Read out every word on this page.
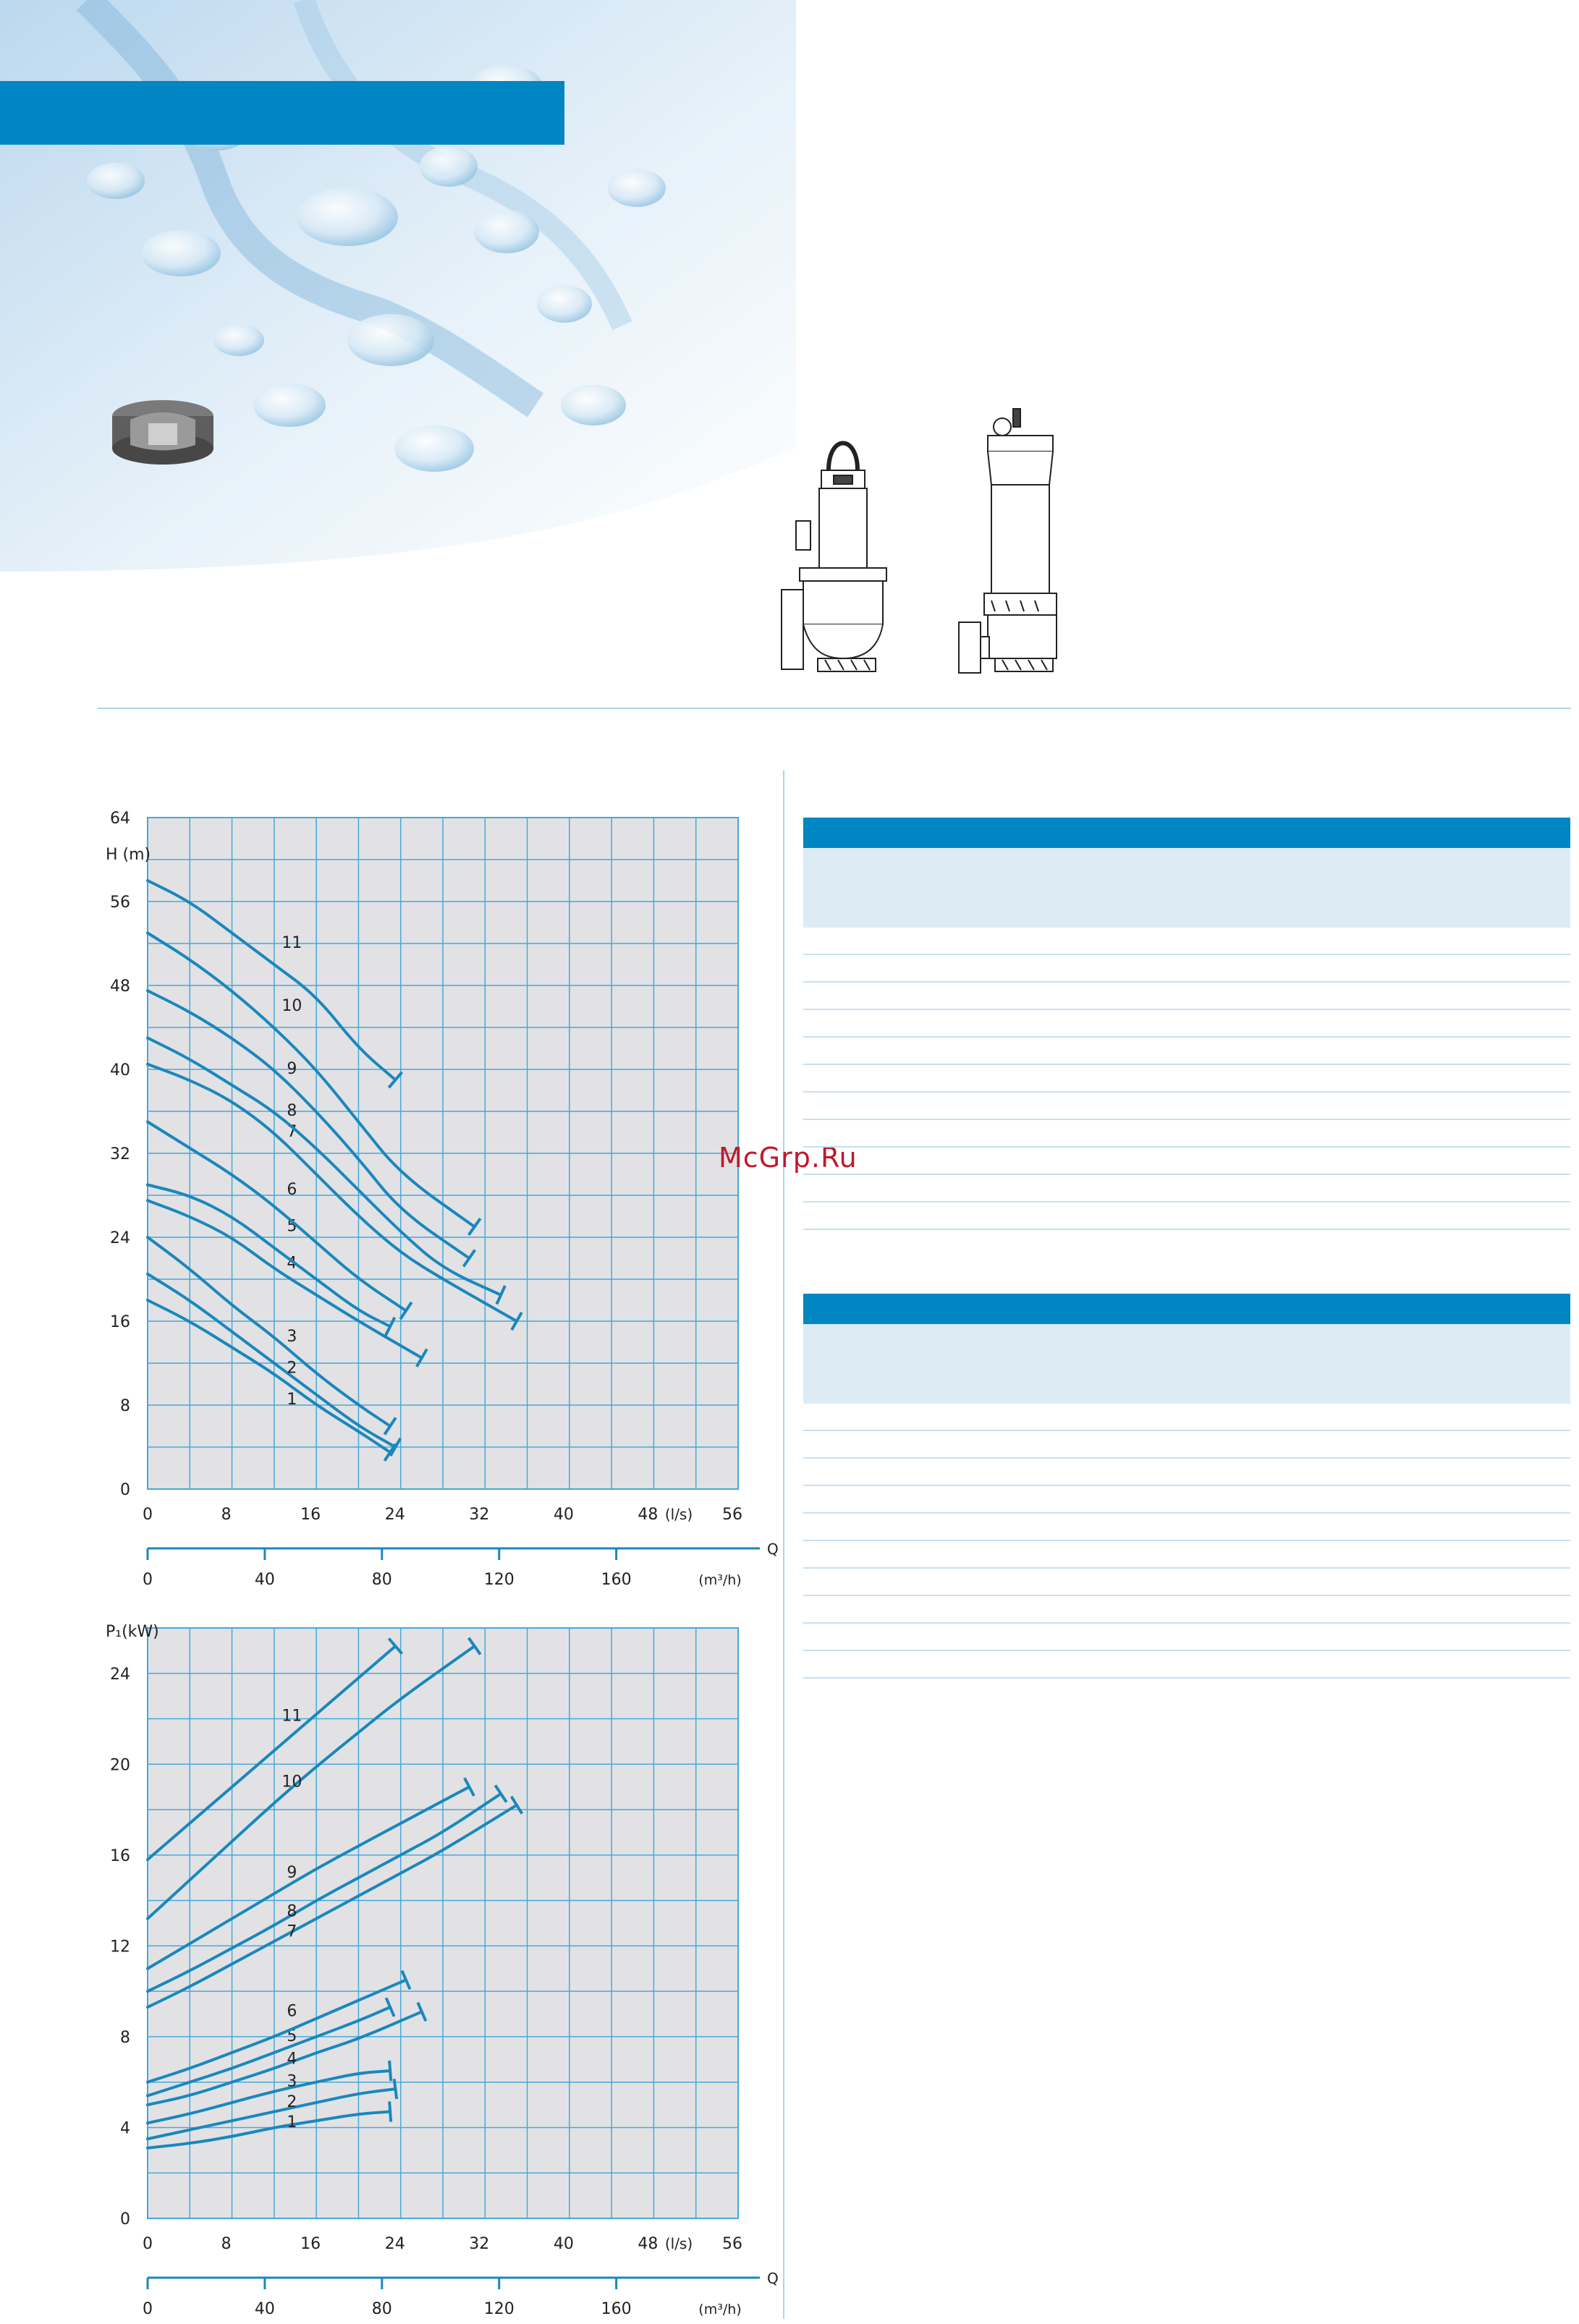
0
8
16
24
32
40
48
56
64
H (m)
0	8	16	24	32	40	48	56
(l/s)
Q
0	40	80	120	160	(m³/h)
1
2
3
4
5
6
7
8
9
10
11
0
4
8
12
16
20
24
P₁(kW)
0	8	16	24	32	40	48	56
(l/s)
Q
0	40	80	120	160	(m³/h)
1
2
3
4
5
6
7
8
9
10
11
McGrp.Ru
